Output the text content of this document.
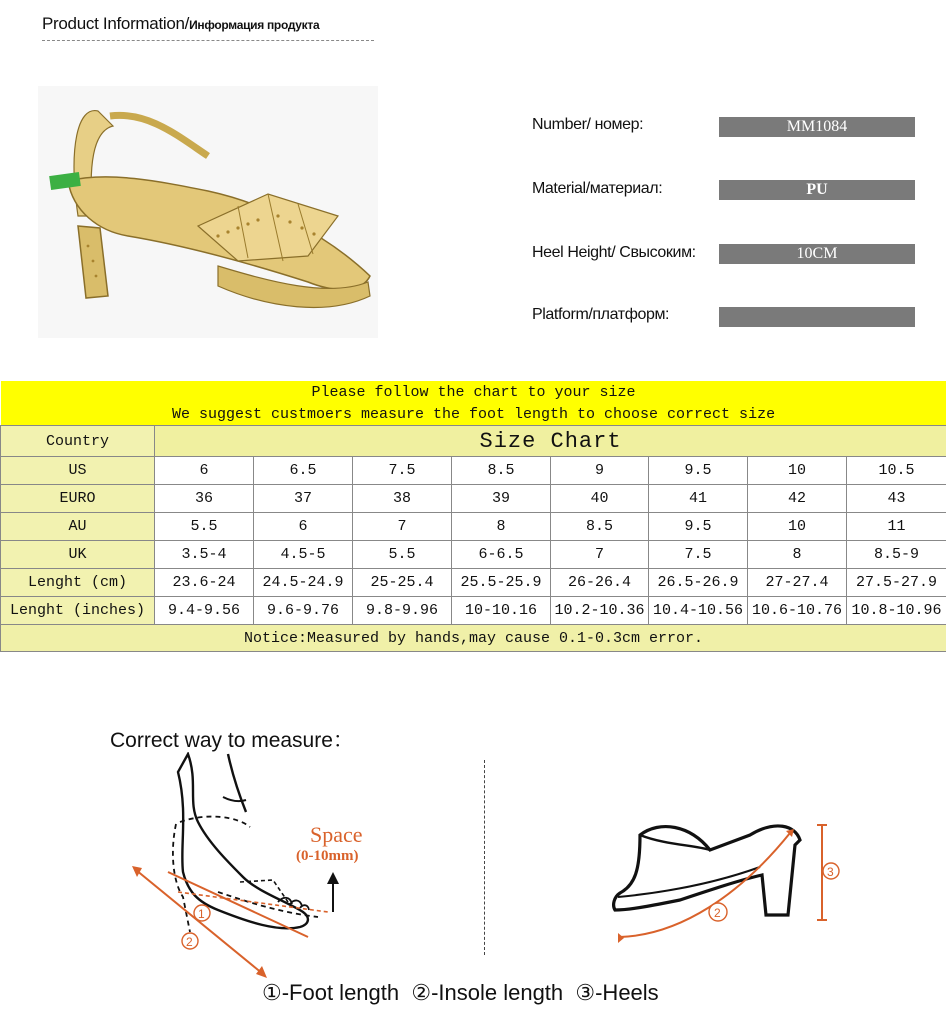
Product Information/Информация продукта
Number/ номер:	MM1084
Material/материал:	PU
Heel Height/ Свысоким:	10CM
Platform/платформ:
Please follow the chart to your size								
We suggest custmoers measure the foot length to choose correct size								
Country	Size Chart							
US	6	6.5	7.5	8.5	9	9.5	10	10.5
EURO	36	37	38	39	40	41	42	43
AU	5.5	6	7	8	8.5	9.5	10	11
UK	3.5-4	4.5-5	5.5	6-6.5	7	7.5	8	8.5-9
Lenght (cm)	23.6-24	24.5-24.9	25-25.4	25.5-25.9	26-26.4	26.5-26.9	27-27.4	27.5-27.9
Lenght (inches)	9.4-9.56	9.6-9.76	9.8-9.96	10-10.16	10.2-10.36	10.4-10.56	10.6-10.76	10.8-10.96
Notice:Measured by hands,may cause 0.1-0.3cm error.								
Correct way to measure：
1
2
Space
(0-10mm)
2
3
①-Foot length  ②-Insole length  ③-Heels
